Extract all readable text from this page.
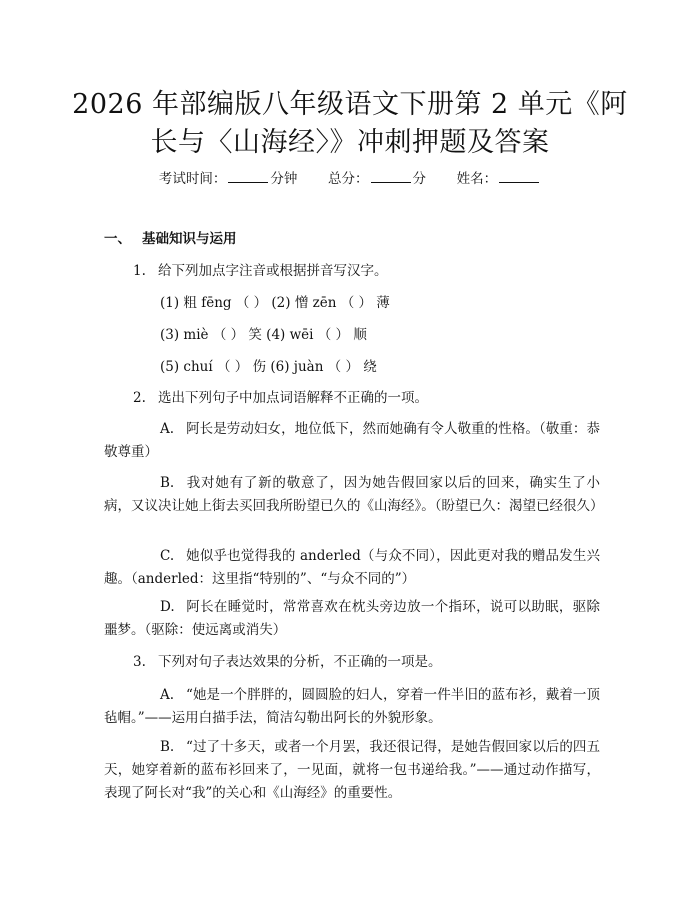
2026 年部编版八年级语文下册第 2 单元《阿
长与〈山海经〉》冲刺押题及答案
考试时间：	分钟 总分：	分 姓名：
一、 基础知识与运用
1. 给下列加点字注音或根据拼音写汉字。
(1) 粗 fēng （ ） (2) 憎 zēn （ ） 薄
(3) miè （ ） 笑 (4) wēi （ ） 顺
(5) chuí （ ） 伤 (6) juàn （ ） 绕
2. 选出下列句子中加点词语解释不正确的一项。
A. 阿长是劳动妇女，地位低下，然而她确有令人敬重的性格。（敬重：恭敬尊重）
B. 我对她有了新的敬意了，因为她告假回家以后的回来，确实生了小病，又议决让她上街去买回我所盼望已久的《山海经》。（盼望已久：渴望已经很久）
C. 她似乎也觉得我的 anderled（与众不同），因此更对我的赠品发生兴趣。（anderled：这里指“特别的”、“与众不同的”）
D. 阿长在睡觉时，常常喜欢在枕头旁边放一个指环，说可以助眠，驱除噩梦。（驱除：使远离或消失）
3. 下列对句子表达效果的分析，不正确的一项是。
A. “她是一个胖胖的，圆圆脸的妇人，穿着一件半旧的蓝布衫，戴着一顶毡帽。”——运用白描手法，简洁勾勒出阿长的外貌形象。
B. “过了十多天，或者一个月罢，我还很记得，是她告假回家以后的四五天，她穿着新的蓝布衫回来了，一见面，就将一包书递给我。”——通过动作描写，表现了阿长对“我”的关心和《山海经》的重要性。
